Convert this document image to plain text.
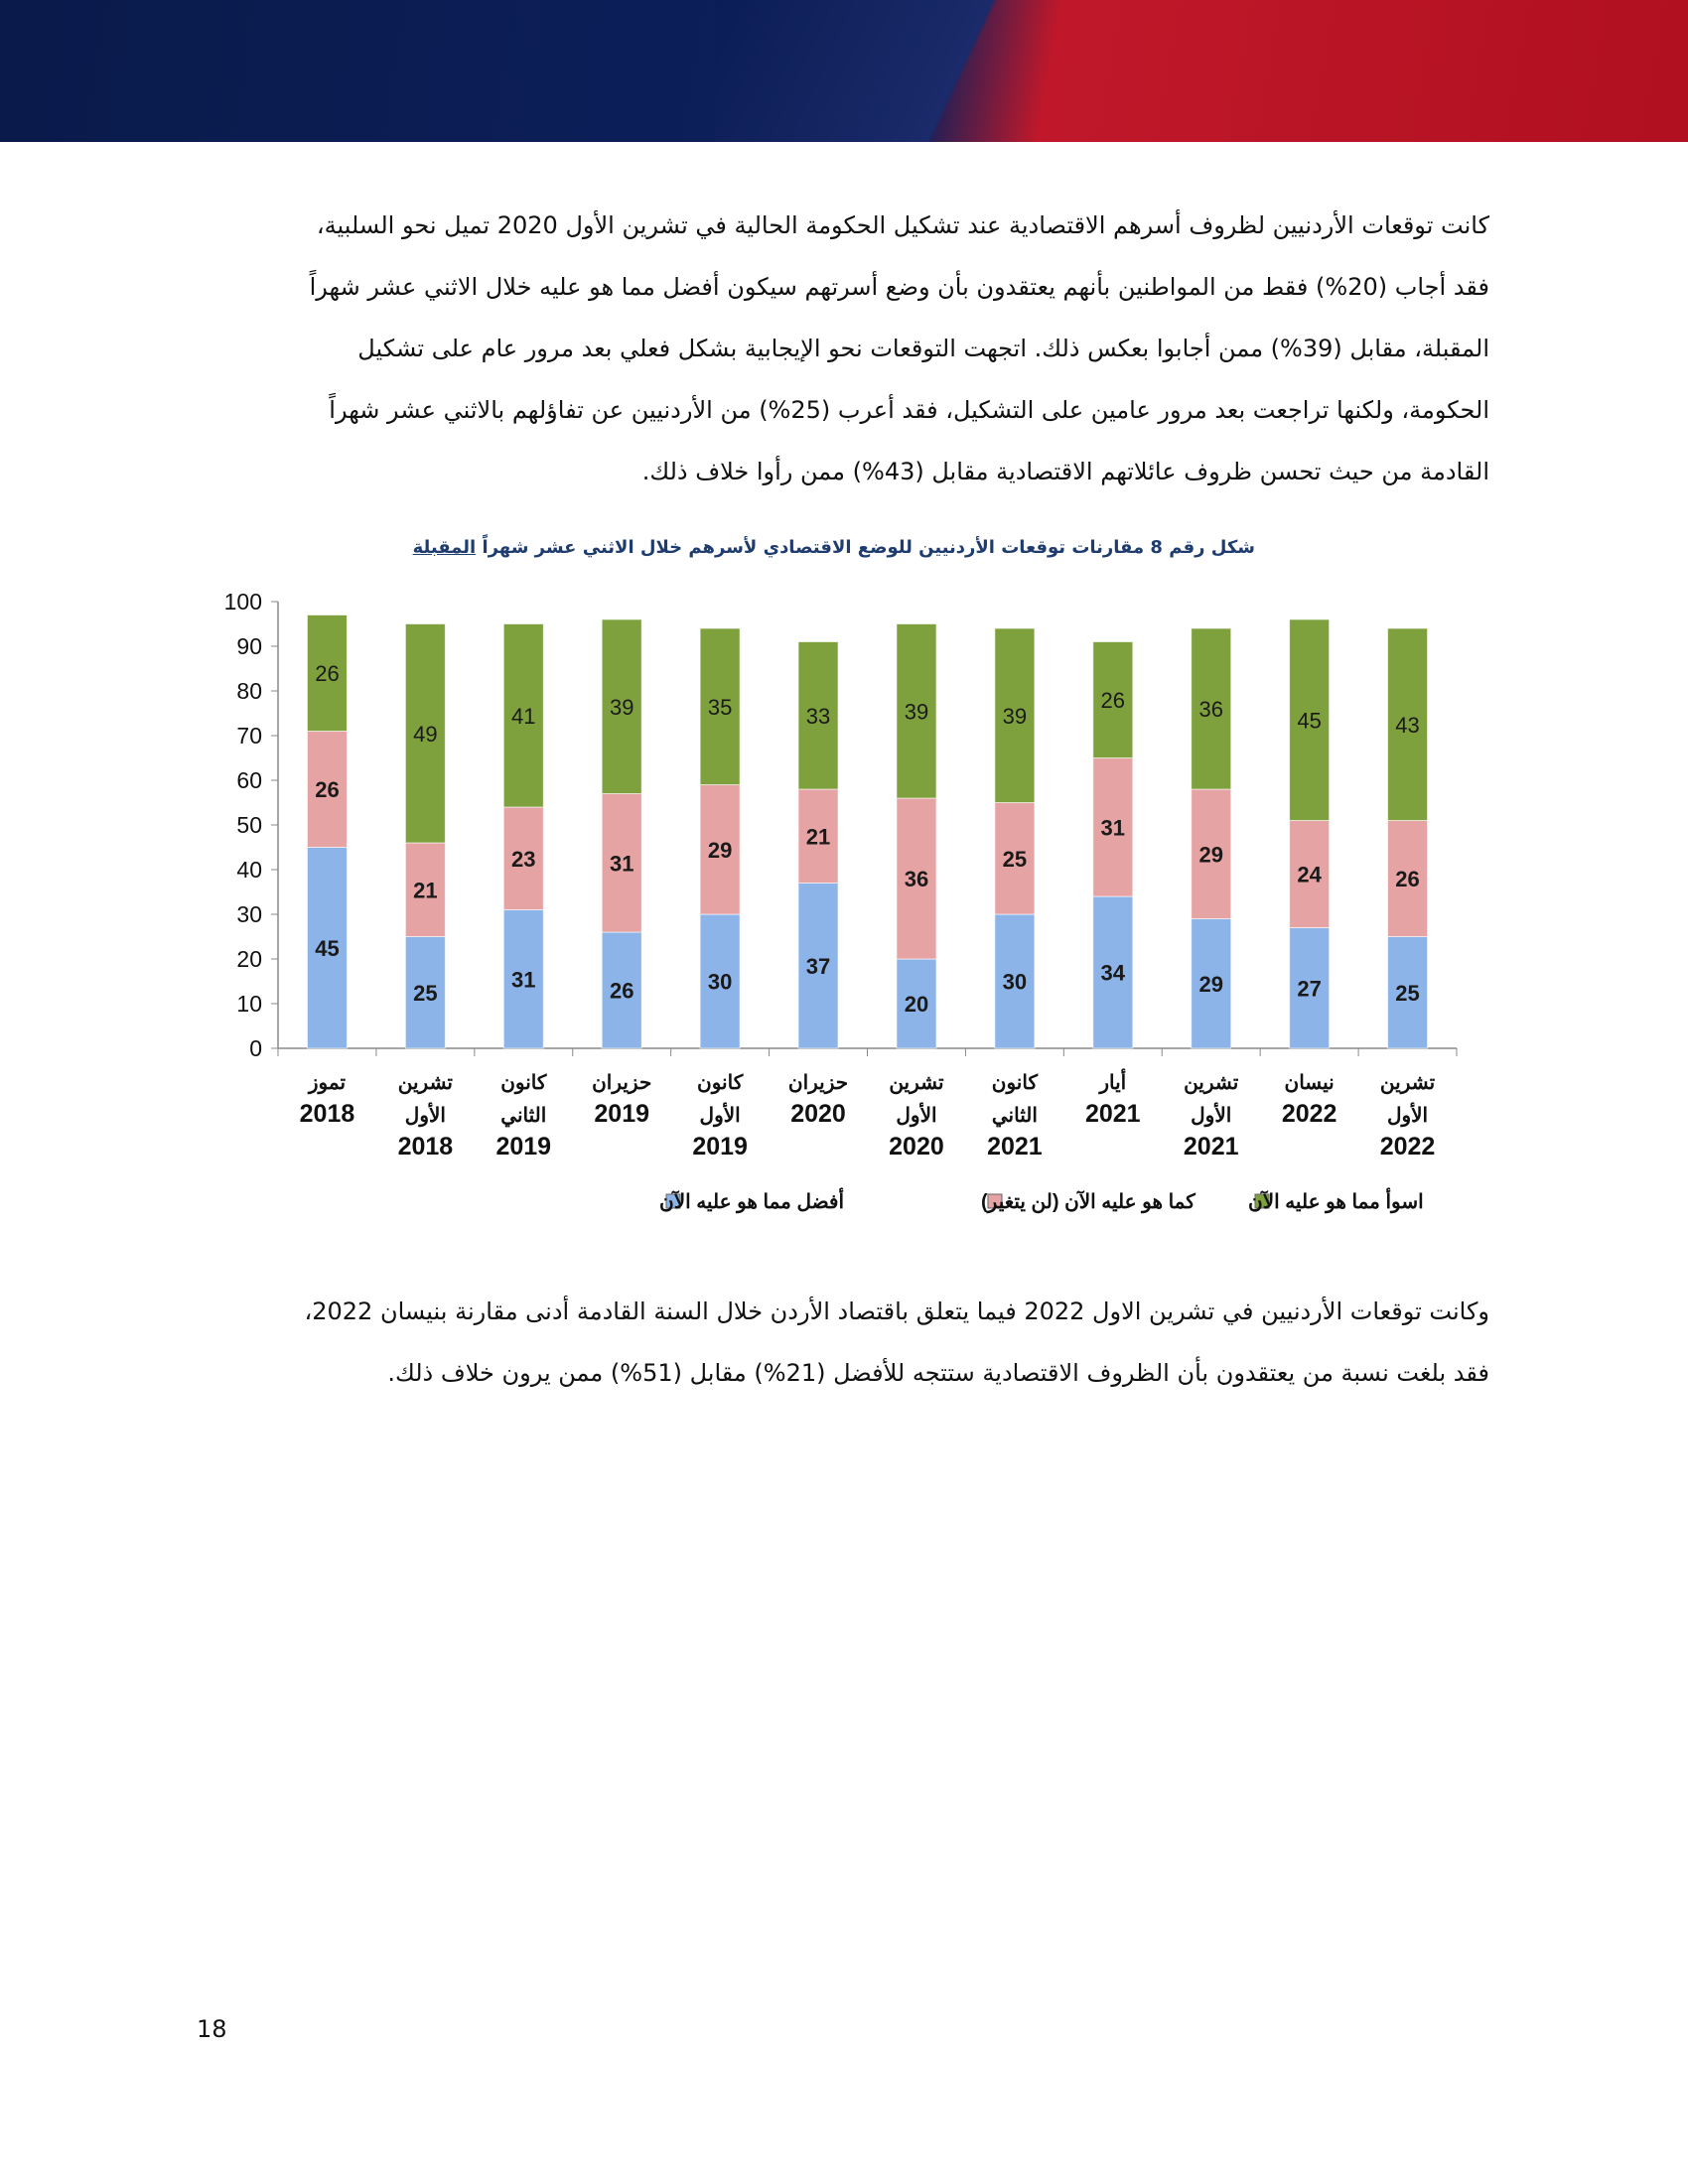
كانت توقعات الأردنيين لظروف أسرهم الاقتصادية عند تشكيل الحكومة الحالية في تشرين الأول 2020 تميل نحو السلبية،

فقد أجاب (20%) فقط من المواطنين بأنهم يعتقدون بأن وضع أسرتهم سيكون أفضل مما هو عليه خلال الاثني عشر شهراً

المقبلة، مقابل (39%) ممن أجابوا بعكس ذلك. اتجهت التوقعات نحو الإيجابية بشكل فعلي بعد مرور عام على تشكيل

الحكومة، ولكنها تراجعت بعد مرور عامين على التشكيل، فقد أعرب (25%) من الأردنيين عن تفاؤلهم بالاثني عشر شهراً

القادمة من حيث تحسن ظروف عائلاتهم الاقتصادية مقابل (43%) ممن رأوا خلاف ذلك.

شكل رقم 8 مقارنات توقعات الأردنيين للوضع الاقتصادي لأسرهم خلال الاثني عشر شهراً المقبلة
0
10
20
30
40
50
60
70
80
90
100
45
26
26
تموز
2018
25
21
49
تشرين
الأول
2018
31
23
41
كانون
الثاني
2019
26
31
39
حزيران
2019
30
29
35
كانون
الأول
2019
37
21
33
حزيران
2020
20
36
39
تشرين
الأول
2020
30
25
39
كانون
الثاني
2021
34
31
26
أيار
2021
29
29
36
تشرين
الأول
2021
27
24
45
نيسان
2022
25
26
43
تشرين
الأول
2022
اسوأ مما هو عليه الآن
كما هو عليه الآن (لن يتغير)
أفضل مما هو عليه الآن

وكانت توقعات الأردنيين في تشرين الاول 2022 فيما يتعلق باقتصاد الأردن خلال السنة القادمة أدنى مقارنة بنيسان 2022،

فقد بلغت نسبة من يعتقدون بأن الظروف الاقتصادية ستتجه للأفضل (21%) مقابل (51%) ممن يرون خلاف ذلك.

18
